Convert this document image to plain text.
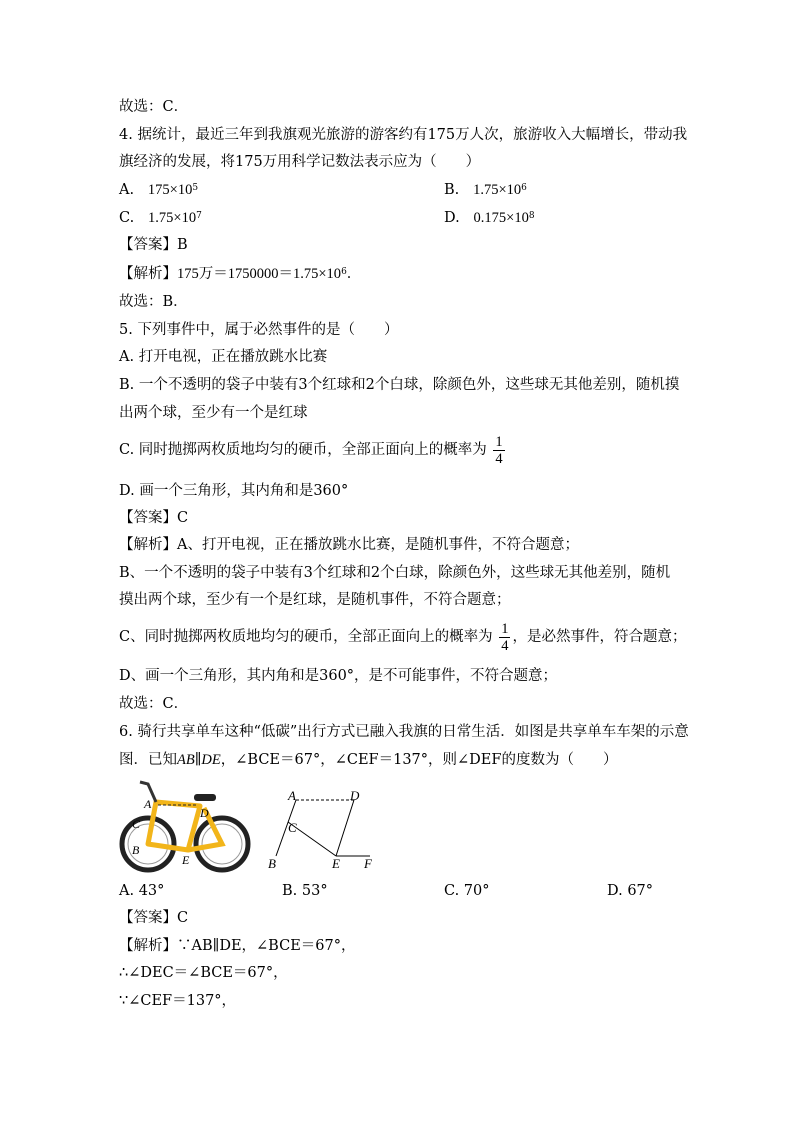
故选：C．
4. 据统计，最近三年到我旗观光旅游的游客约有175万人次，旅游收入大幅增长，带动我
旗经济的发展，将175万用科学记数法表示应为（　　）
A. $175\times 10^5$	B. $1.75\times 10^6$
C. $1.75\times 10^7$	D. $0.175\times 10^8$
【答案】B
【解析】175万$=1750000=1.75\times 10^6$．
故选：B．
5. 下列事件中，属于必然事件的是（　　）
A. 打开电视，正在播放跳水比赛
B. 一个不透明的袋子中装有3个红球和2个白球，除颜色外，这些球无其他差别，随机摸
出两个球，至少有一个是红球
C. 同时抛掷两枚质地均匀的硬币，全部正面向上的概率为 $\frac{1}{4}$
D. 画一个三角形，其内角和是360°
【答案】C
【解析】A、打开电视，正在播放跳水比赛，是随机事件，不符合题意；
B、一个不透明的袋子中装有3个红球和2个白球，除颜色外，这些球无其他差别，随机
摸出两个球，至少有一个是红球，是随机事件，不符合题意；
C、同时抛掷两枚质地均匀的硬币，全部正面向上的概率为 $\frac{1}{4}$ ，是必然事件，符合题意；
D、画一个三角形，其内角和是360°，是不可能事件，不符合题意；
故选：C．
6. 骑行共享单车这种“低碳”出行方式已融入我旗的日常生活．如图是共享单车车架的示意
图．已知AB∥DE，∠BCE＝67°，∠CEF＝137°，则∠DEF的度数为（　　）
A
D
C
B
E
A	D
C
B	E F
A. 43°	B. 53°	C. 70°	D. 67°
【答案】C
【解析】∵AB∥DE，∠BCE＝67°，
∴∠DEC＝∠BCE＝67°，
∵∠CEF＝137°，
